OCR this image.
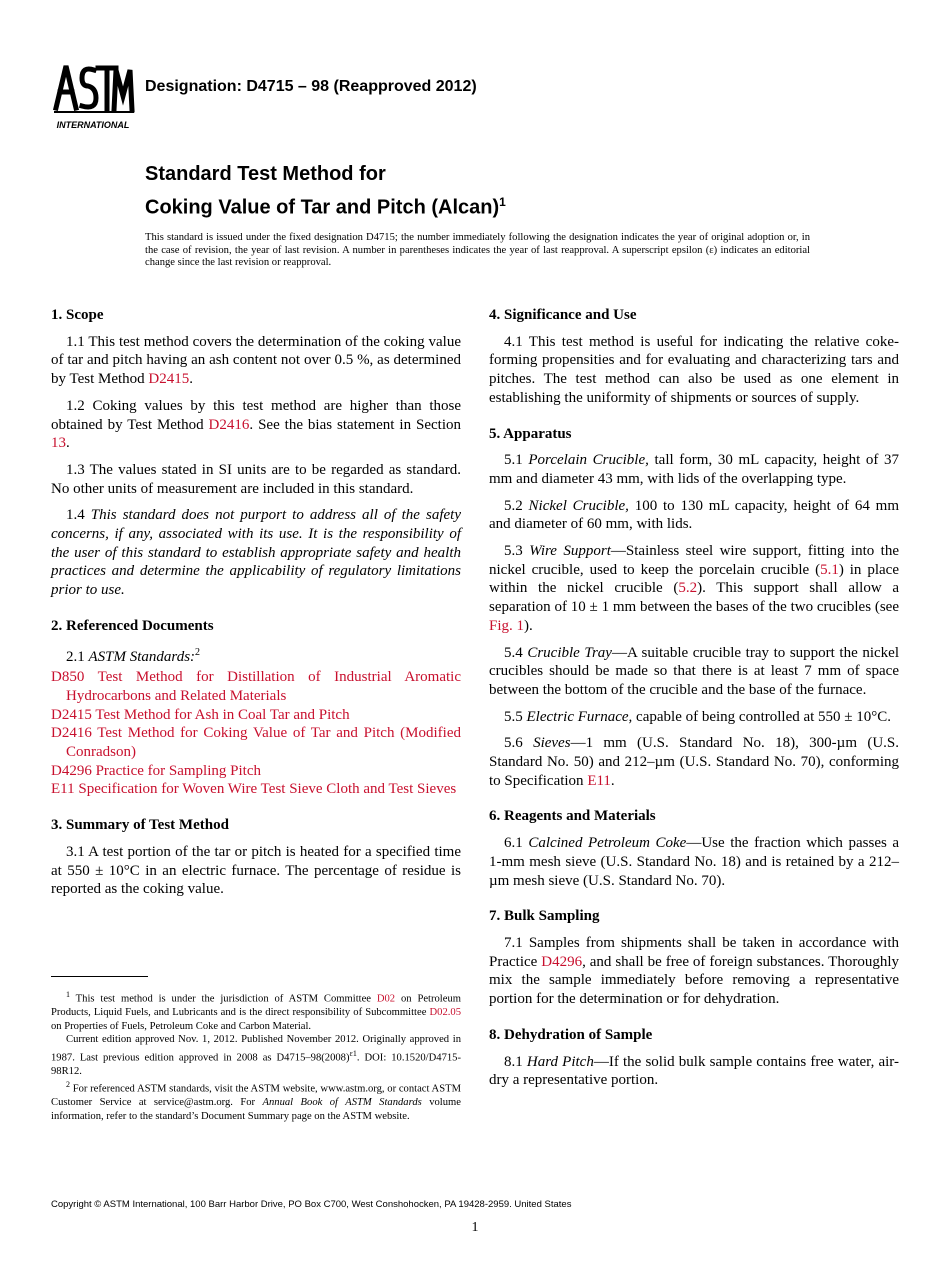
INTERNATIONAL
Designation: D4715 – 98 (Reapproved 2012)
Standard Test Method for
Coking Value of Tar and Pitch (Alcan)$^1$
This standard is issued under the fixed designation D4715; the number immediately following the designation indicates the year of original adoption or, in the case of revision, the year of last revision. A number in parentheses indicates the year of last reapproval. A superscript epsilon (ε) indicates an editorial change since the last revision or reapproval.
1. Scope

1.1 This test method covers the determination of the coking value of tar and pitch having an ash content not over 0.5 %, as determined by Test Method D2415.

1.2 Coking values by this test method are higher than those obtained by Test Method D2416. See the bias statement in Section 13.

1.3 The values stated in SI units are to be regarded as standard. No other units of measurement are included in this standard.

1.4 This standard does not purport to address all of the safety concerns, if any, associated with its use. It is the responsibility of the user of this standard to establish appropriate safety and health practices and determine the applicability of regulatory limitations prior to use.

2. Referenced Documents

2.1 ASTM Standards:$^2$

D850 Test Method for Distillation of Industrial Aromatic Hydrocarbons and Related Materials

D2415 Test Method for Ash in Coal Tar and Pitch

D2416 Test Method for Coking Value of Tar and Pitch (Modified Conradson)

D4296 Practice for Sampling Pitch

E11 Specification for Woven Wire Test Sieve Cloth and Test Sieves

3. Summary of Test Method

3.1 A test portion of the tar or pitch is heated for a specified time at 550 ± 10°C in an electric furnace. The percentage of residue is reported as the coking value.

$^1$ This test method is under the jurisdiction of ASTM Committee D02 on Petroleum Products, Liquid Fuels, and Lubricants and is the direct responsibility of Subcommittee D02.05 on Properties of Fuels, Petroleum Coke and Carbon Material.

Current edition approved Nov. 1, 2012. Published November 2012. Originally approved in 1987. Last previous edition approved in 2008 as $D4715-98(2008)^{\varepsilon 1}$. DOI: 10.1520/D4715-98R12.

$^2$ For referenced ASTM standards, visit the ASTM website, www.astm.org, or contact ASTM Customer Service at service@astm.org. For Annual Book of ASTM Standards volume information, refer to the standard’s Document Summary page on the ASTM website.

4. Significance and Use

4.1 This test method is useful for indicating the relative coke-forming propensities and for evaluating and characterizing tars and pitches. The test method can also be used as one element in establishing the uniformity of shipments or sources of supply.

5. Apparatus

5.1 Porcelain Crucible, tall form, 30 mL capacity, height of 37 mm and diameter 43 mm, with lids of the overlapping type.

5.2 Nickel Crucible, 100 to 130 mL capacity, height of 64 mm and diameter of 60 mm, with lids.

5.3 Wire Support—Stainless steel wire support, fitting into the nickel crucible, used to keep the porcelain crucible (5.1) in place within the nickel crucible (5.2). This support shall allow a separation of 10 ± 1 mm between the bases of the two crucibles (see Fig. 1).

5.4 Crucible Tray—A suitable crucible tray to support the nickel crucibles should be made so that there is at least 7 mm of space between the bottom of the crucible and the base of the furnace.

5.5 Electric Furnace, capable of being controlled at 550 ± 10°C.

5.6 Sieves—1 mm (U.S. Standard No. 18), 300-µm (U.S. Standard No. 50) and 212–µm (U.S. Standard No. 70), conforming to Specification E11.

6. Reagents and Materials

6.1 Calcined Petroleum Coke—Use the fraction which passes a 1-mm mesh sieve (U.S. Standard No. 18) and is retained by a 212–µm mesh sieve (U.S. Standard No. 70).

7. Bulk Sampling

7.1 Samples from shipments shall be taken in accordance with Practice D4296, and shall be free of foreign substances. Thoroughly mix the sample immediately before removing a representative portion for the determination or for dehydration.

8. Dehydration of Sample

8.1 Hard Pitch—If the solid bulk sample contains free water, air-dry a representative portion.

Copyright © ASTM International, 100 Barr Harbor Drive, PO Box C700, West Conshohocken, PA 19428-2959. United States
1
